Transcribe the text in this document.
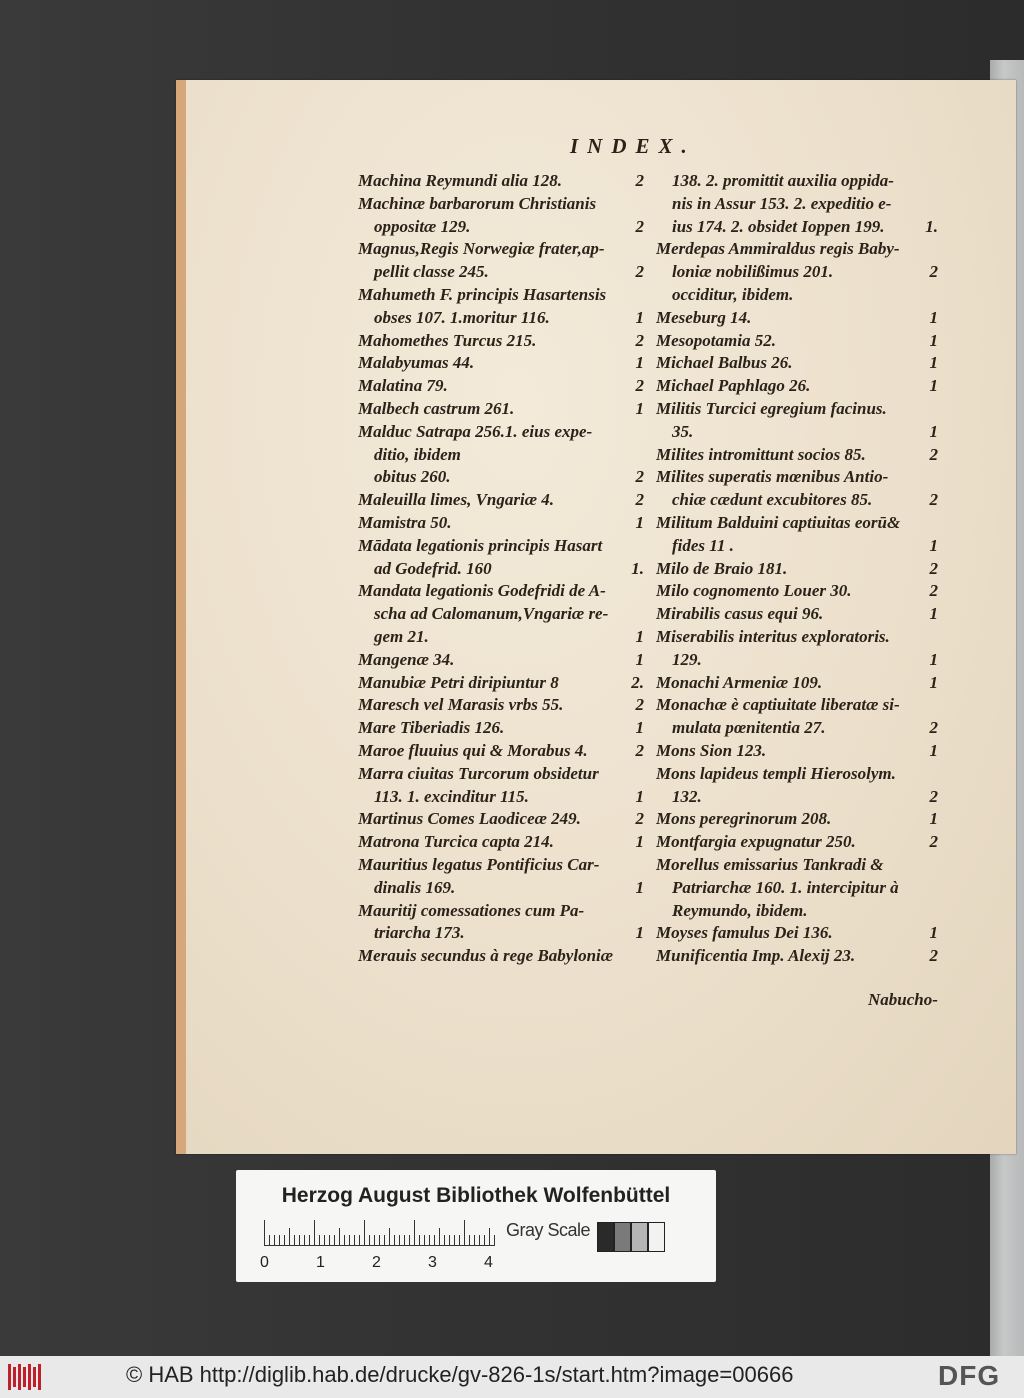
INDEX.
Machina Reymundi alia 128.	2
Machinæ barbarorum Christianis
oppositæ 129.	2
Magnus,Regis Norwegiæ frater,ap-
pellit classe 245.	2
Mahumeth F. principis Hasartensis
obses 107. 1.moritur 116.	1
Mahomethes Turcus 215.	2
Malabyumas 44.	1
Malatina 79.	2
Malbech castrum 261.	1
Malduc Satrapa 256.1. eius expe-
ditio, ibidem
obitus 260.	2
Maleuilla limes, Vngariæ 4.	2
Mamistra 50.	1
Mādata legationis principis Hasart
ad Godefrid. 160	1.
Mandata legationis Godefridi de A-
scha ad Calomanum,Vngariæ re-
gem 21.	1
Mangenæ 34.	1
Manubiæ Petri diripiuntur 8	2.
Maresch vel Marasis vrbs 55.	2
Mare Tiberiadis 126.	1
Maroe fluuius qui & Morabus 4.	2
Marra ciuitas Turcorum obsidetur
113. 1. excinditur 115.	1
Martinus Comes Laodiceæ 249.	2
Matrona Turcica capta 214.	1
Mauritius legatus Pontificius Car-
dinalis 169.	1
Mauritij comessationes cum Pa-
triarcha 173.	1
Merauis secundus à rege Babyloniæ
138. 2. promittit auxilia oppida-
nis in Assur 153. 2. expeditio e-
ius 174. 2. obsidet Ioppen 199. 1.
Merdepas Ammiraldus regis Baby-
loniæ nobilißimus 201.	2
occiditur, ibidem.
Meseburg 14.	1
Mesopotamia 52.	1
Michael Balbus 26.	1
Michael Paphlago 26.	1
Militis Turcici egregium facinus.
35.	1
Milites intromittunt socios 85.	2
Milites superatis mœnibus Antio-
chiæ cædunt excubitores 85.	2
Militum Balduini captiuitas eorū&
fides 11 .	1
Milo de Braio 181.	2
Milo cognomento Louer 30.	2
Mirabilis casus equi 96.	1
Miserabilis interitus exploratoris.
129.	1
Monachi Armeniæ 109.	1
Monachæ è captiuitate liberatæ si-
mulata pœnitentia 27.	2
Mons Sion 123.	1
Mons lapideus templi Hierosolym.
132.	2
Mons peregrinorum 208.	1
Montfargia expugnatur 250.	2
Morellus emissarius Tankradi &
Patriarchæ 160. 1. intercipitur à
Reymundo, ibidem.
Moyses famulus Dei 136.	1
Munificentia Imp. Alexij 23.	2
Nabucho-
Herzog August Bibliothek Wolfenbüttel
0	1	2	3	4
Gray Scale
© HAB http://diglib.hab.de/drucke/gv-826-1s/start.htm?image=00666	DFG
